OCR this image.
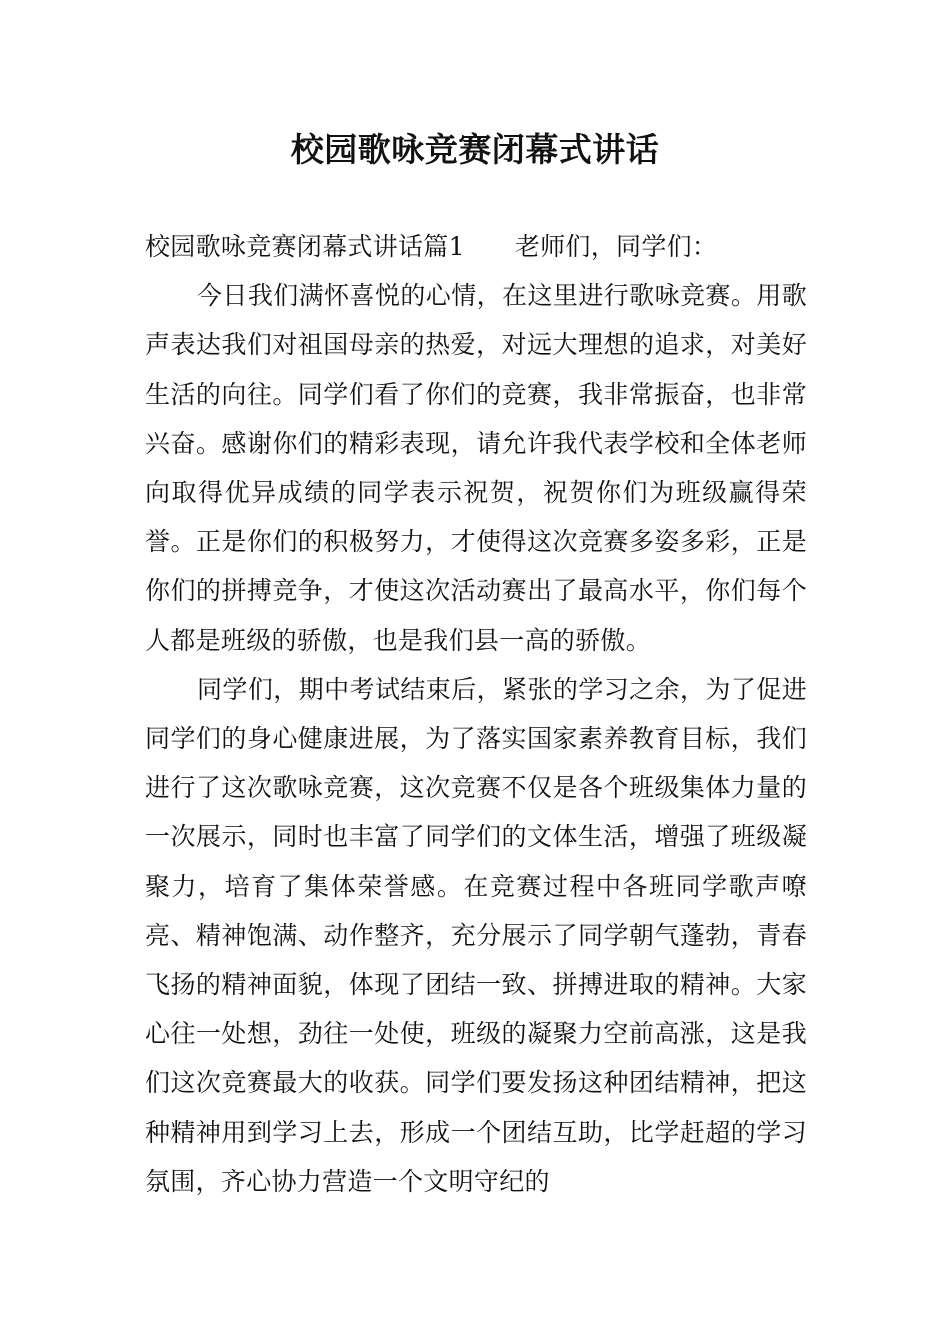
校园歌咏竞赛闭幕式讲话

校园歌咏竞赛闭幕式讲话篇1 老师们，同学们：

今日我们满怀喜悦的心情，在这里进行歌咏竞赛。用歌声表达我们对祖国母亲的热爱，对远大理想的追求，对美好生活的向往。同学们看了你们的竞赛，我非常振奋，也非常兴奋。感谢你们的精彩表现，请允许我代表学校和全体老师向取得优异成绩的同学表示祝贺，祝贺你们为班级赢得荣誉。正是你们的积极努力，才使得这次竞赛多姿多彩，正是你们的拼搏竞争，才使这次活动赛出了最高水平，你们每个人都是班级的骄傲，也是我们县一高的骄傲。

同学们，期中考试结束后，紧张的学习之余，为了促进同学们的身心健康进展，为了落实国家素养教育目标，我们进行了这次歌咏竞赛，这次竞赛不仅是各个班级集体力量的一次展示，同时也丰富了同学们的文体生活，增强了班级凝聚力，培育了集体荣誉感。在竞赛过程中各班同学歌声嘹亮、精神饱满、动作整齐，充分展示了同学朝气蓬勃，青春飞扬的精神面貌，体现了团结一致、拼搏进取的精神。大家心往一处想，劲往一处使，班级的凝聚力空前高涨，这是我们这次竞赛最大的收获。同学们要发扬这种团结精神，把这种精神用到学习上去，形成一个团结互助，比学赶超的学习氛围，齐心协力营造一个文明守纪的
